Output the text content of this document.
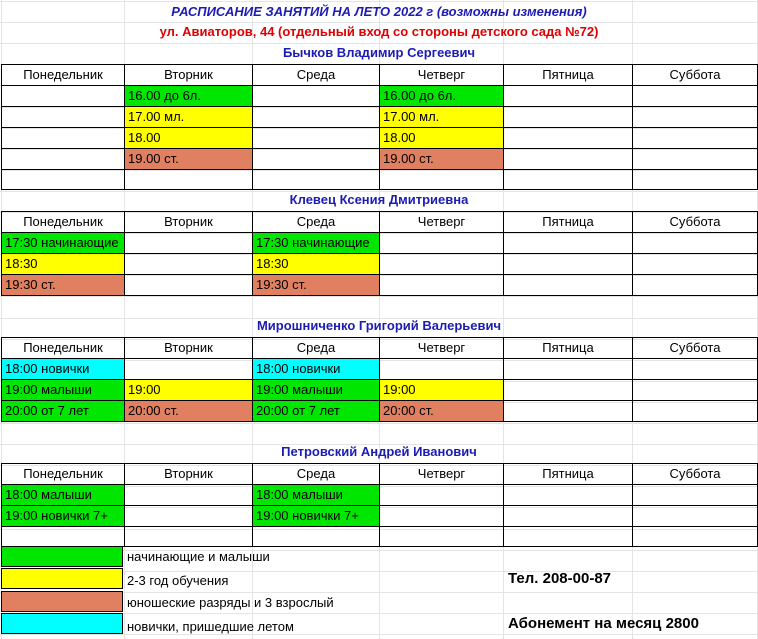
РАСПИСАНИЕ ЗАНЯТИЙ НА ЛЕТО 2022 г (возможны изменения)
ул. Авиаторов, 44 (отдельный вход со стороны детского сада №72)
Бычков Владимир Сергеевич
Понедельник	Вторник	Среда	Четверг	Пятница	Суббота
	16.00 до 6л.		16.00 до 6л.		
	17.00 мл.		17.00 мл.		
	18.00		18.00		
	19.00 ст.		19.00 ст.		

Клевец Ксения Дмитриевна
Понедельник	Вторник	Среда	Четверг	Пятница	Суббота
17:30 начинающие		17:30 начинающие			
18:30		18:30			
19:30 ст.		19:30 ст.			
Мирошниченко Григорий Валерьевич
Понедельник	Вторник	Среда	Четверг	Пятница	Суббота
18:00 новички		18:00 новички			
19:00 малыши	19:00	19:00 малыши	19:00		
20:00 от 7 лет	20:00 ст.	20:00 от 7 лет	20:00 ст.		
Петровский Андрей Иванович
Понедельник	Вторник	Среда	Четверг	Пятница	Суббота
18:00 малыши		18:00 малыши			
19:00 новички 7+		19:00 новички 7+			

начинающие и малыши
2-3 год обучения
юношеские разряды и 3 взрослый
новички, пришедшие летом
Тел. 208-00-87
Абонемент на месяц 2800
